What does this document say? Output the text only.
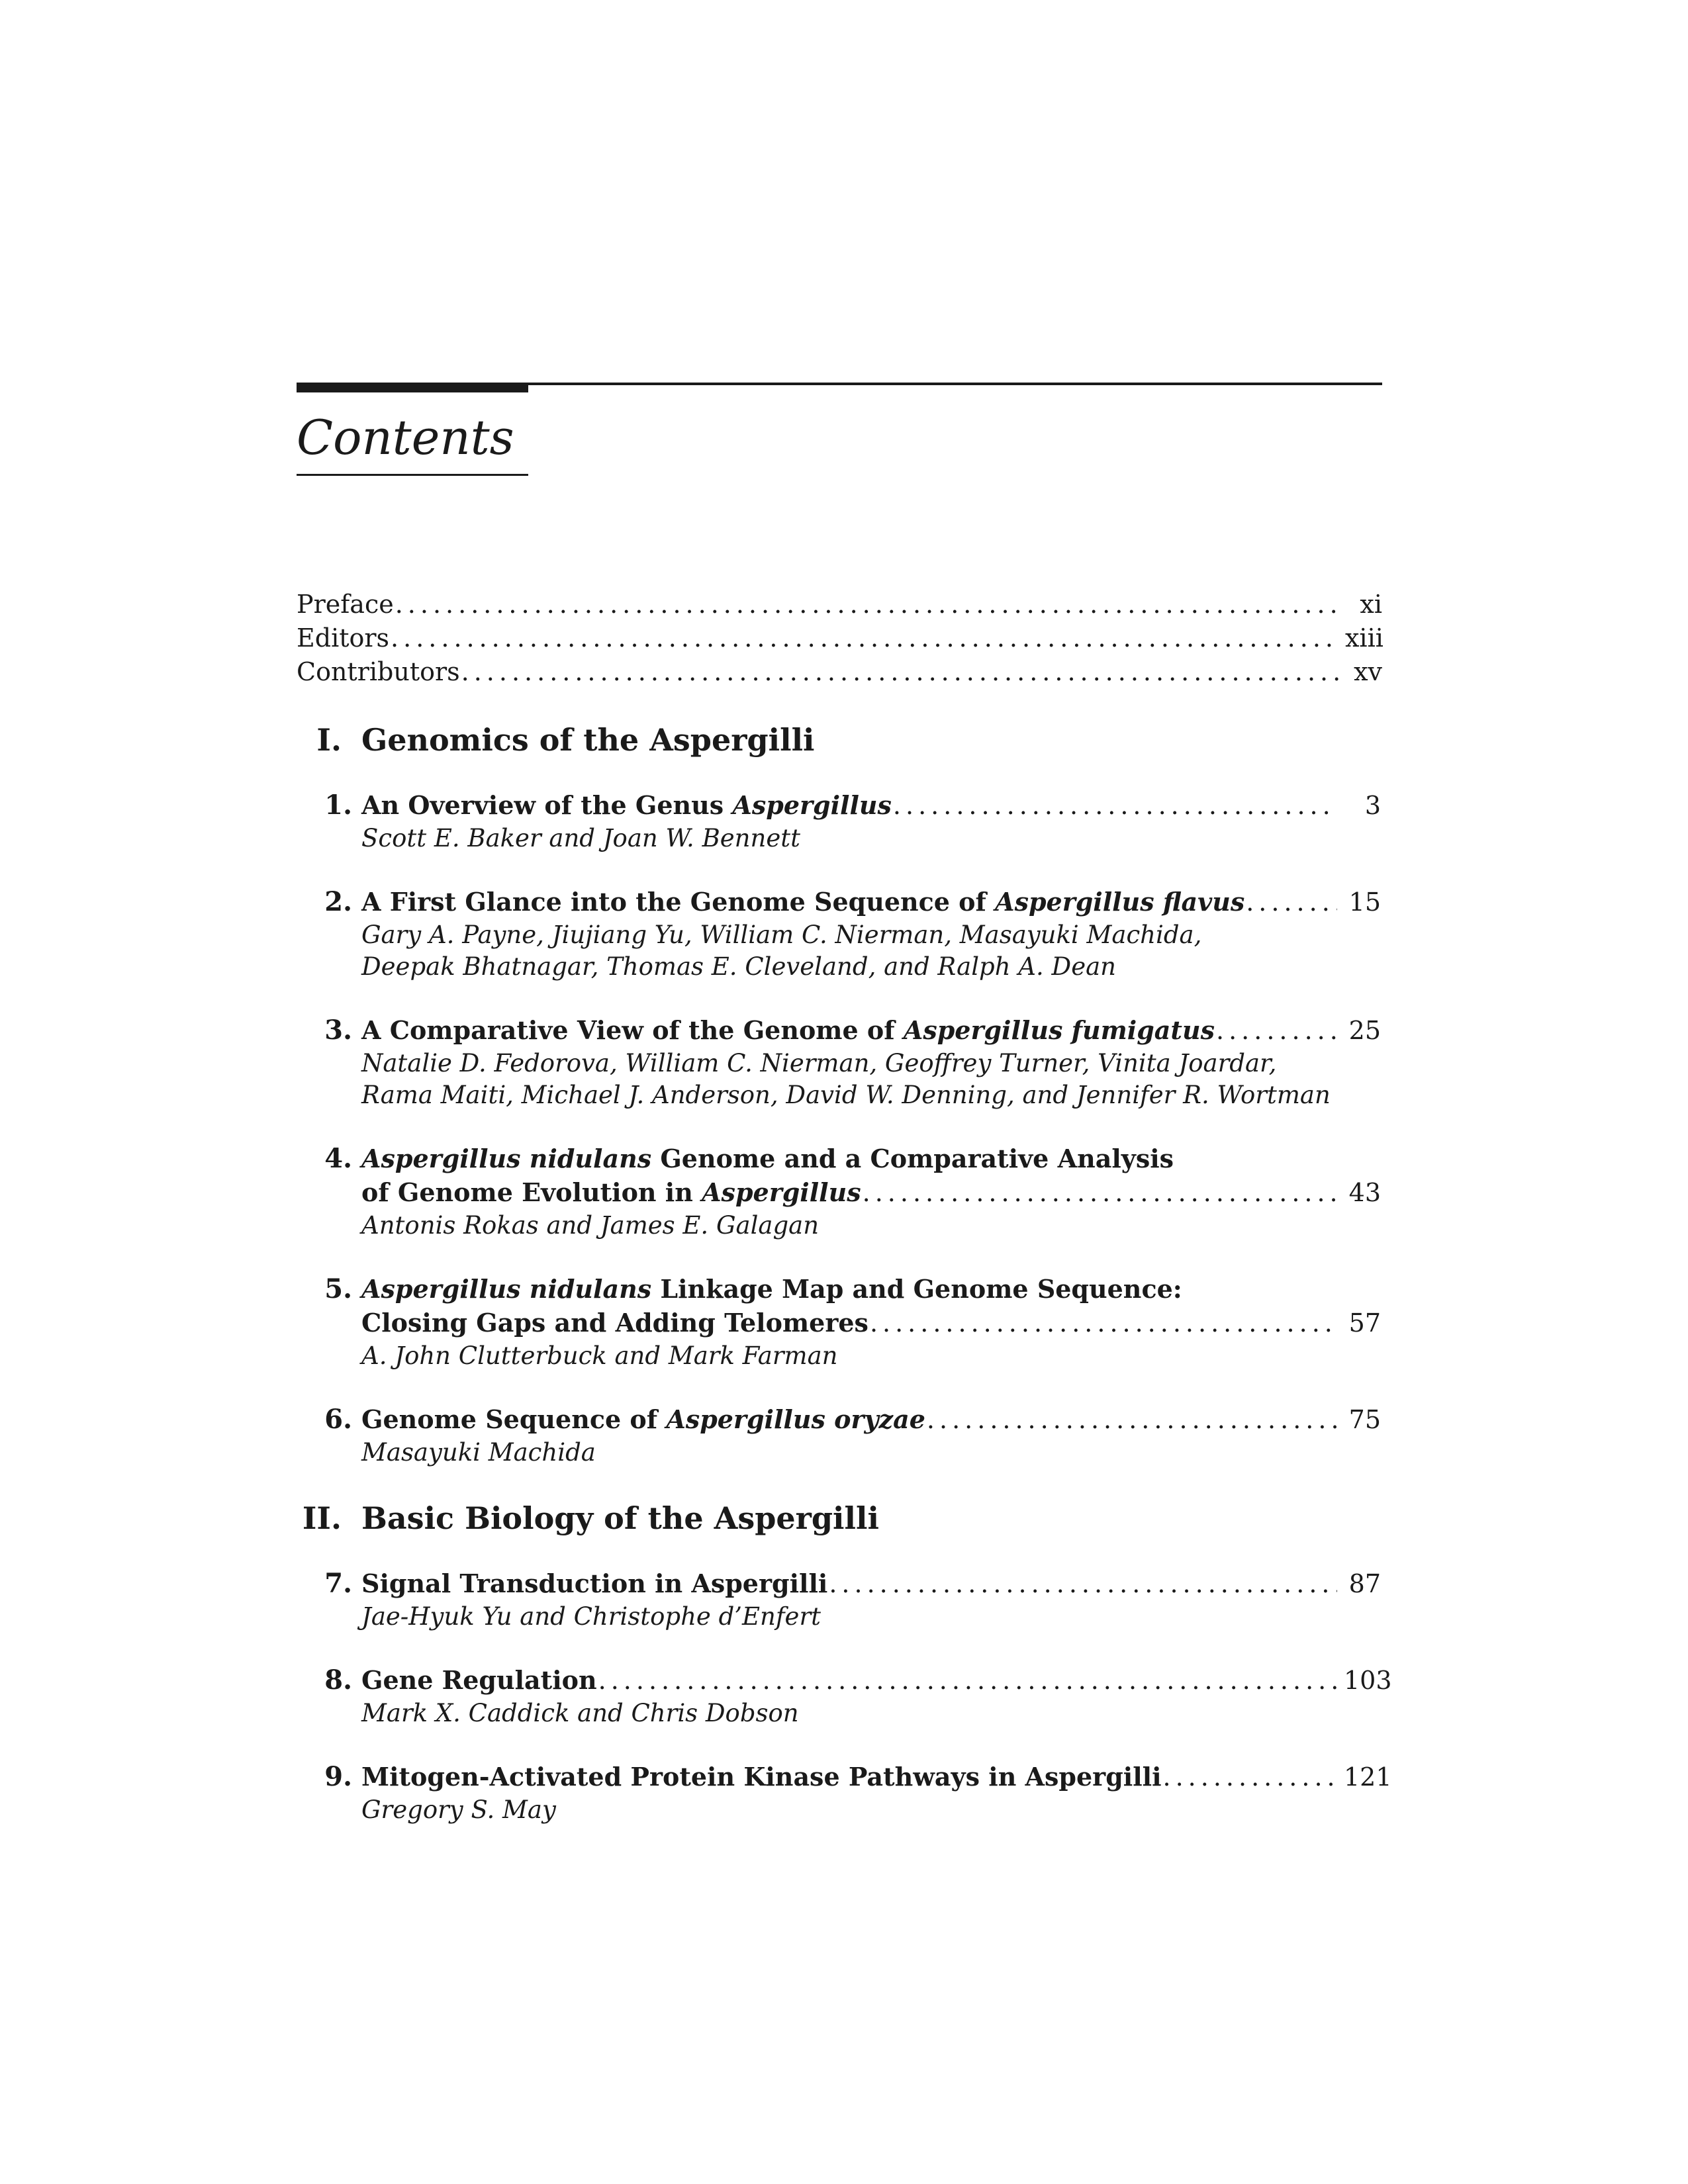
Contents
Preface .....	xi
Editors .....	xiii
Contributors .....	xv
I. Genomics of the Aspergilli
1. An Overview of the Genus Aspergillus .....	3
Scott E. Baker and Joan W. Bennett
2. A First Glance into the Genome Sequence of Aspergillus flavus .....	15
Gary A. Payne, Jiujiang Yu, William C. Nierman, Masayuki Machida,
Deepak Bhatnagar, Thomas E. Cleveland, and Ralph A. Dean
3. A Comparative View of the Genome of Aspergillus fumigatus .....	25
Natalie D. Fedorova, William C. Nierman, Geoffrey Turner, Vinita Joardar,
Rama Maiti, Michael J. Anderson, David W. Denning, and Jennifer R. Wortman
4. Aspergillus nidulans Genome and a Comparative Analysis
of Genome Evolution in Aspergillus .....	43
Antonis Rokas and James E. Galagan
5. Aspergillus nidulans Linkage Map and Genome Sequence:
Closing Gaps and Adding Telomeres .....	57
A. John Clutterbuck and Mark Farman
6. Genome Sequence of Aspergillus oryzae .....	75
Masayuki Machida
II. Basic Biology of the Aspergilli
7. Signal Transduction in Aspergilli .....	87
Jae-Hyuk Yu and Christophe d’Enfert
8. Gene Regulation .....	103
Mark X. Caddick and Chris Dobson
9. Mitogen-Activated Protein Kinase Pathways in Aspergilli .....	121
Gregory S. May
